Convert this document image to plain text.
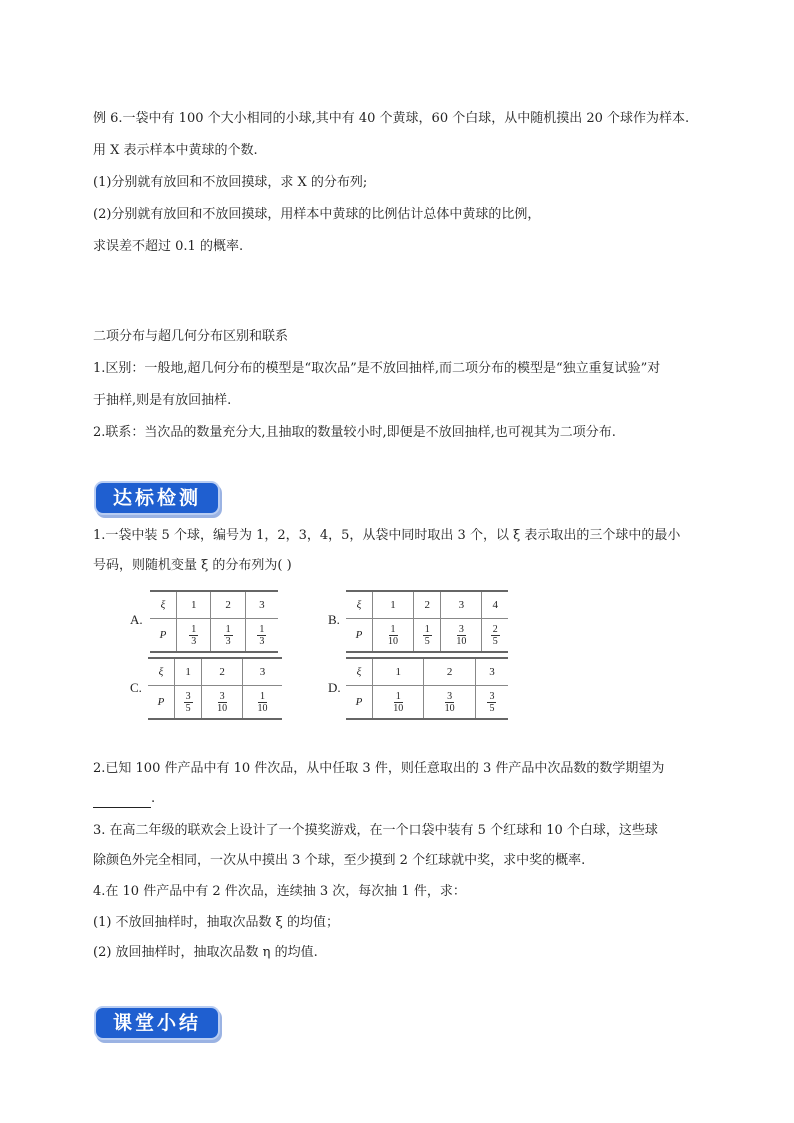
例 6.一袋中有 100 个大小相同的小球,其中有 40 个黄球，60 个白球，从中随机摸出 20 个球作为样本.
用 X 表示样本中黄球的个数.
(1)分别就有放回和不放回摸球，求 X 的分布列;
(2)分别就有放回和不放回摸球，用样本中黄球的比例估计总体中黄球的比例，
求误差不超过 0.1 的概率.
二项分布与超几何分布区别和联系
1.区别：一般地,超几何分布的模型是“取次品”是不放回抽样,而二项分布的模型是“独立重复试验”对
于抽样,则是有放回抽样.
2.联系：当次品的数量充分大,且抽取的数量较小时,即便是不放回抽样,也可视其为二项分布.
达标检测
1.一袋中装 5 个球，编号为 1，2，3，4，5，从袋中同时取出 3 个，以 ξ 表示取出的三个球中的最小
号码，则随机变量 ξ 的分布列为( )
A.
ξ	1	2	3
P	$\frac{1}{3}$	$\frac{1}{3}$	$\frac{1}{3}$
B.
ξ	1	2	3	4
P	$\frac{1}{10}$	$\frac{1}{5}$	$\frac{3}{10}$	$\frac{2}{5}$
C.
ξ	1	2	3
P	$\frac{3}{5}$	$\frac{3}{10}$	$\frac{1}{10}$
D.
ξ	1	2	3
P	$\frac{1}{10}$	$\frac{3}{10}$	$\frac{3}{5}$
2.已知 100 件产品中有 10 件次品，从中任取 3 件，则任意取出的 3 件产品中次品数的数学期望为
.
3. 在高二年级的联欢会上设计了一个摸奖游戏，在一个口袋中装有 5 个红球和 10 个白球，这些球
除颜色外完全相同，一次从中摸出 3 个球，至少摸到 2 个红球就中奖，求中奖的概率.
4.在 10 件产品中有 2 件次品，连续抽 3 次，每次抽 1 件，求：
(1) 不放回抽样时，抽取次品数 ξ 的均值；
(2) 放回抽样时，抽取次品数 η 的均值.
课堂小结
